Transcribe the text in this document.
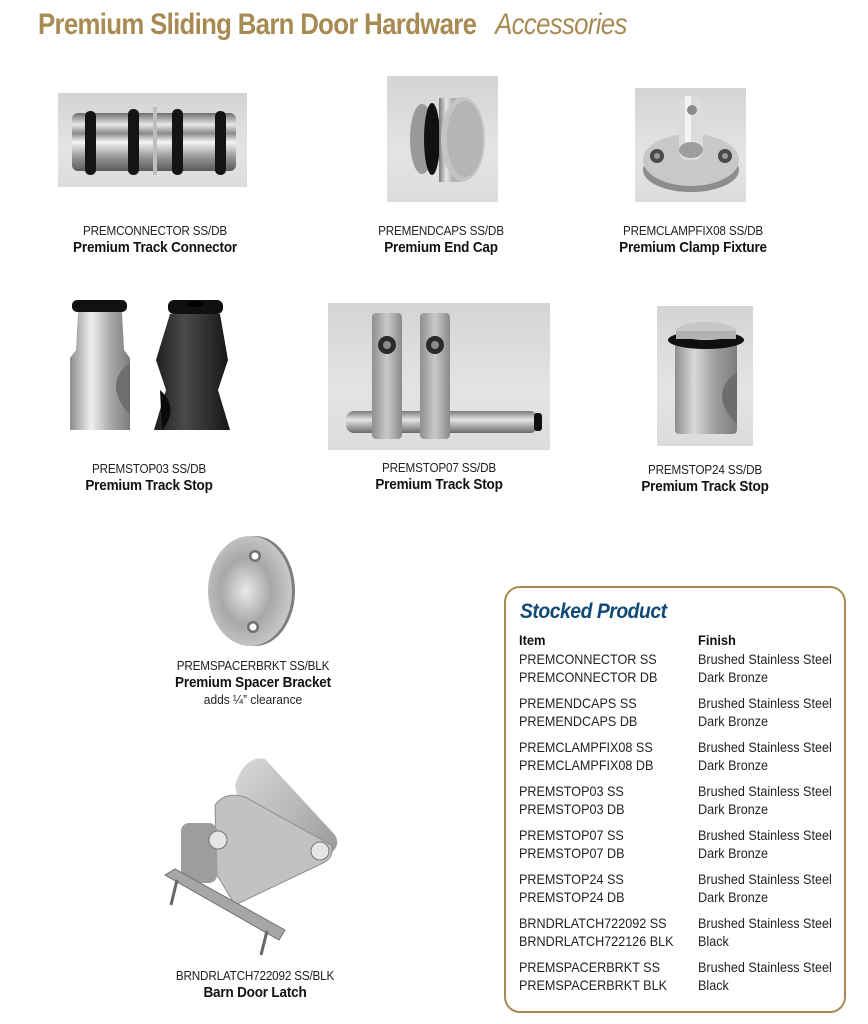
Premium Sliding Barn Door Hardware Accessories
PREMCONNECTOR SS/DB
Premium Track Connector
PREMENDCAPS SS/DB
Premium End Cap
PREMCLAMPFIX08 SS/DB
Premium Clamp Fixture
PREMSTOP03 SS/DB
Premium Track Stop
PREMSTOP07 SS/DB
Premium Track Stop
PREMSTOP24 SS/DB
Premium Track Stop
PREMSPACERBRKT SS/BLK
Premium Spacer Bracket
adds ¼” clearance
BRNDRLATCH722092 SS/BLK
Barn Door Latch
Stocked Product
Item	Finish
PREMCONNECTOR SS	Brushed Stainless Steel
PREMCONNECTOR DB	Dark Bronze
PREMENDCAPS SS	Brushed Stainless Steel
PREMENDCAPS DB	Dark Bronze
PREMCLAMPFIX08 SS	Brushed Stainless Steel
PREMCLAMPFIX08 DB	Dark Bronze
PREMSTOP03 SS	Brushed Stainless Steel
PREMSTOP03 DB	Dark Bronze
PREMSTOP07 SS	Brushed Stainless Steel
PREMSTOP07 DB	Dark Bronze
PREMSTOP24 SS	Brushed Stainless Steel
PREMSTOP24 DB	Dark Bronze
BRNDRLATCH722092 SS Brushed Stainless Steel
BRNDRLATCH722126 BLK Black
PREMSPACERBRKT SS	Brushed Stainless Steel
PREMSPACERBRKT BLK Black
